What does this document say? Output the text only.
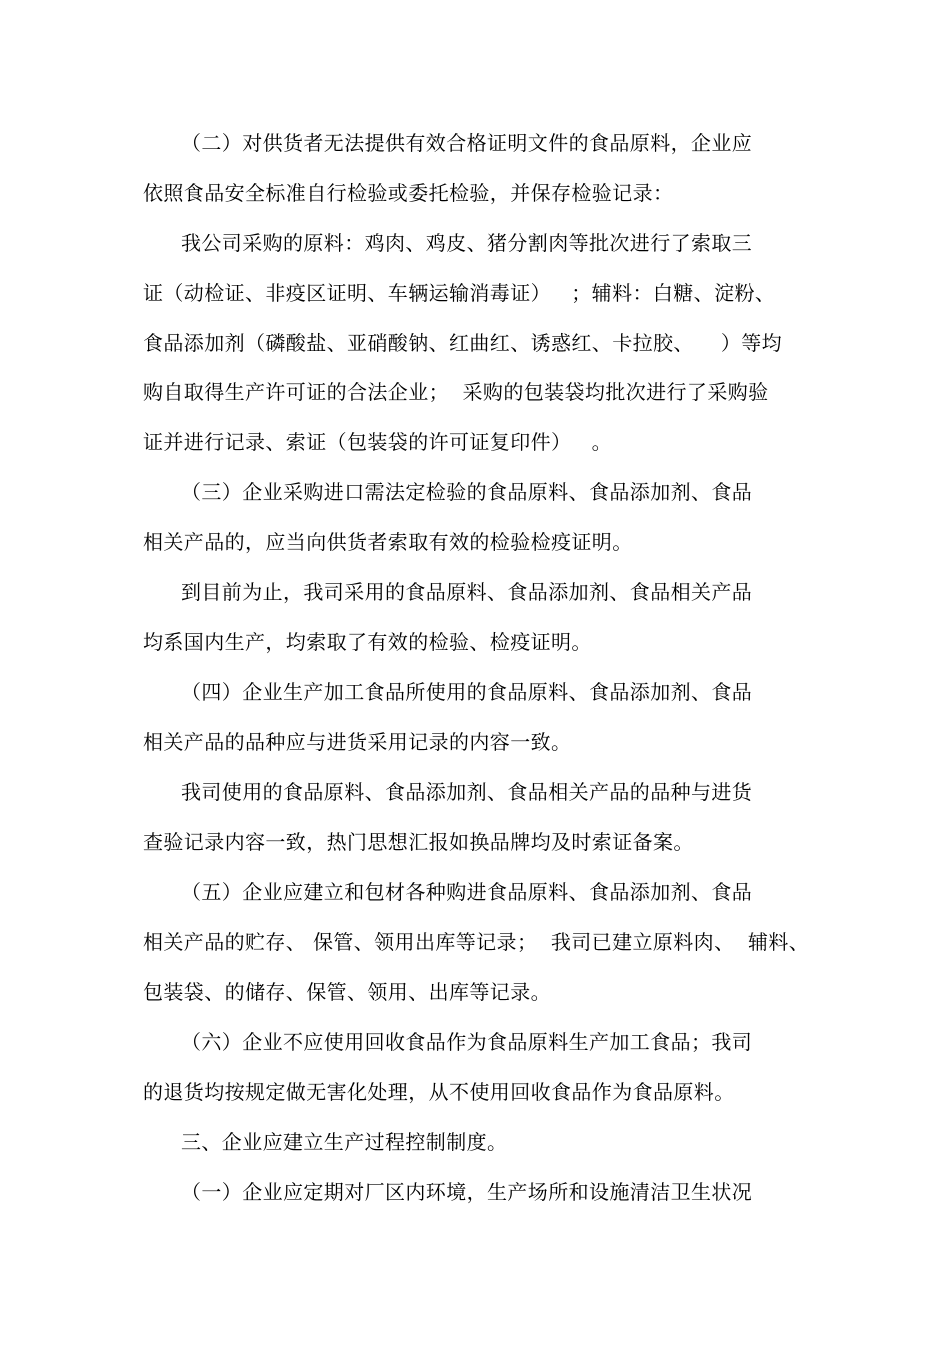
（二）对供货者无法提供有效合格证明文件的食品原料，企业应
依照食品安全标准自行检验或委托检验，并保存检验记录：
我公司采购的原料：鸡肉、鸡皮、猪分割肉等批次进行了索取三
证（动检证、非疫区证明、车辆运输消毒证）   ；辅料：白糖、淀粉、
食品添加剂（磷酸盐、亚硝酸钠、红曲红、诱惑红、卡拉胶、    ）等均
购自取得生产许可证的合法企业；  采购的包装袋均批次进行了采购验
证并进行记录、索证（包装袋的许可证复印件）   。
（三）企业采购进口需法定检验的食品原料、食品添加剂、食品
相关产品的，应当向供货者索取有效的检验检疫证明。
到目前为止，我司采用的食品原料、食品添加剂、食品相关产品
均系国内生产，均索取了有效的检验、检疫证明。
（四）企业生产加工食品所使用的食品原料、食品添加剂、食品
相关产品的品种应与进货采用记录的内容一致。
我司使用的食品原料、食品添加剂、食品相关产品的品种与进货
查验记录内容一致，热门思想汇报如换品牌均及时索证备案。
（五）企业应建立和包材各种购进食品原料、食品添加剂、食品
相关产品的贮存、 保管、领用出库等记录；  我司已建立原料肉、  辅料、
包装袋、的储存、保管、领用、出库等记录。
（六）企业不应使用回收食品作为食品原料生产加工食品；我司
的退货均按规定做无害化处理，从不使用回收食品作为食品原料。
三、企业应建立生产过程控制制度。
（一）企业应定期对厂区内环境，生产场所和设施清洁卫生状况
